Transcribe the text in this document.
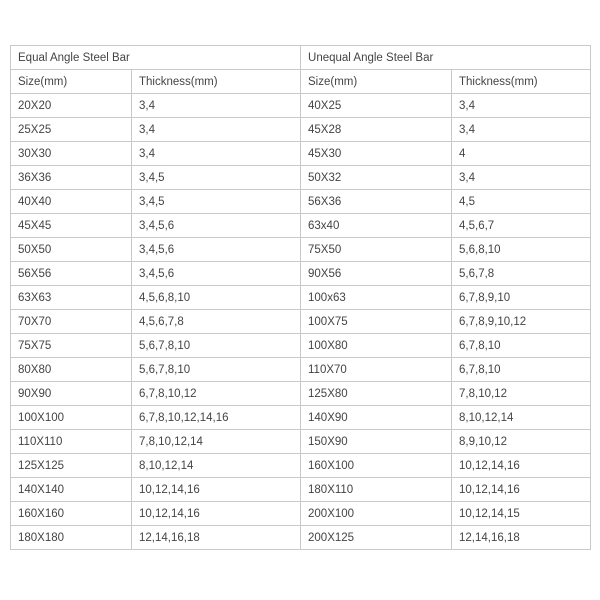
Equal Angle Steel Bar		Unequal Angle Steel Bar	
Size(mm)	Thickness(mm)	Size(mm)	Thickness(mm)
20X20	3,4	40X25	3,4
25X25	3,4	45X28	3,4
30X30	3,4	45X30	4
36X36	3,4,5	50X32	3,4
40X40	3,4,5	56X36	4,5
45X45	3,4,5,6	63x40	4,5,6,7
50X50	3,4,5,6	75X50	5,6,8,10
56X56	3,4,5,6	90X56	5,6,7,8
63X63	4,5,6,8,10	100x63	6,7,8,9,10
70X70	4,5,6,7,8	100X75	6,7,8,9,10,12
75X75	5,6,7,8,10	100X80	6,7,8,10
80X80	5,6,7,8,10	110X70	6,7,8,10
90X90	6,7,8,10,12	125X80	7,8,10,12
100X100	6,7,8,10,12,14,16	140X90	8,10,12,14
110X110	7,8,10,12,14	150X90	8,9,10,12
125X125	8,10,12,14	160X100	10,12,14,16
140X140	10,12,14,16	180X110	10,12,14,16
160X160	10,12,14,16	200X100	10,12,14,15
180X180	12,14,16,18	200X125	12,14,16,18
